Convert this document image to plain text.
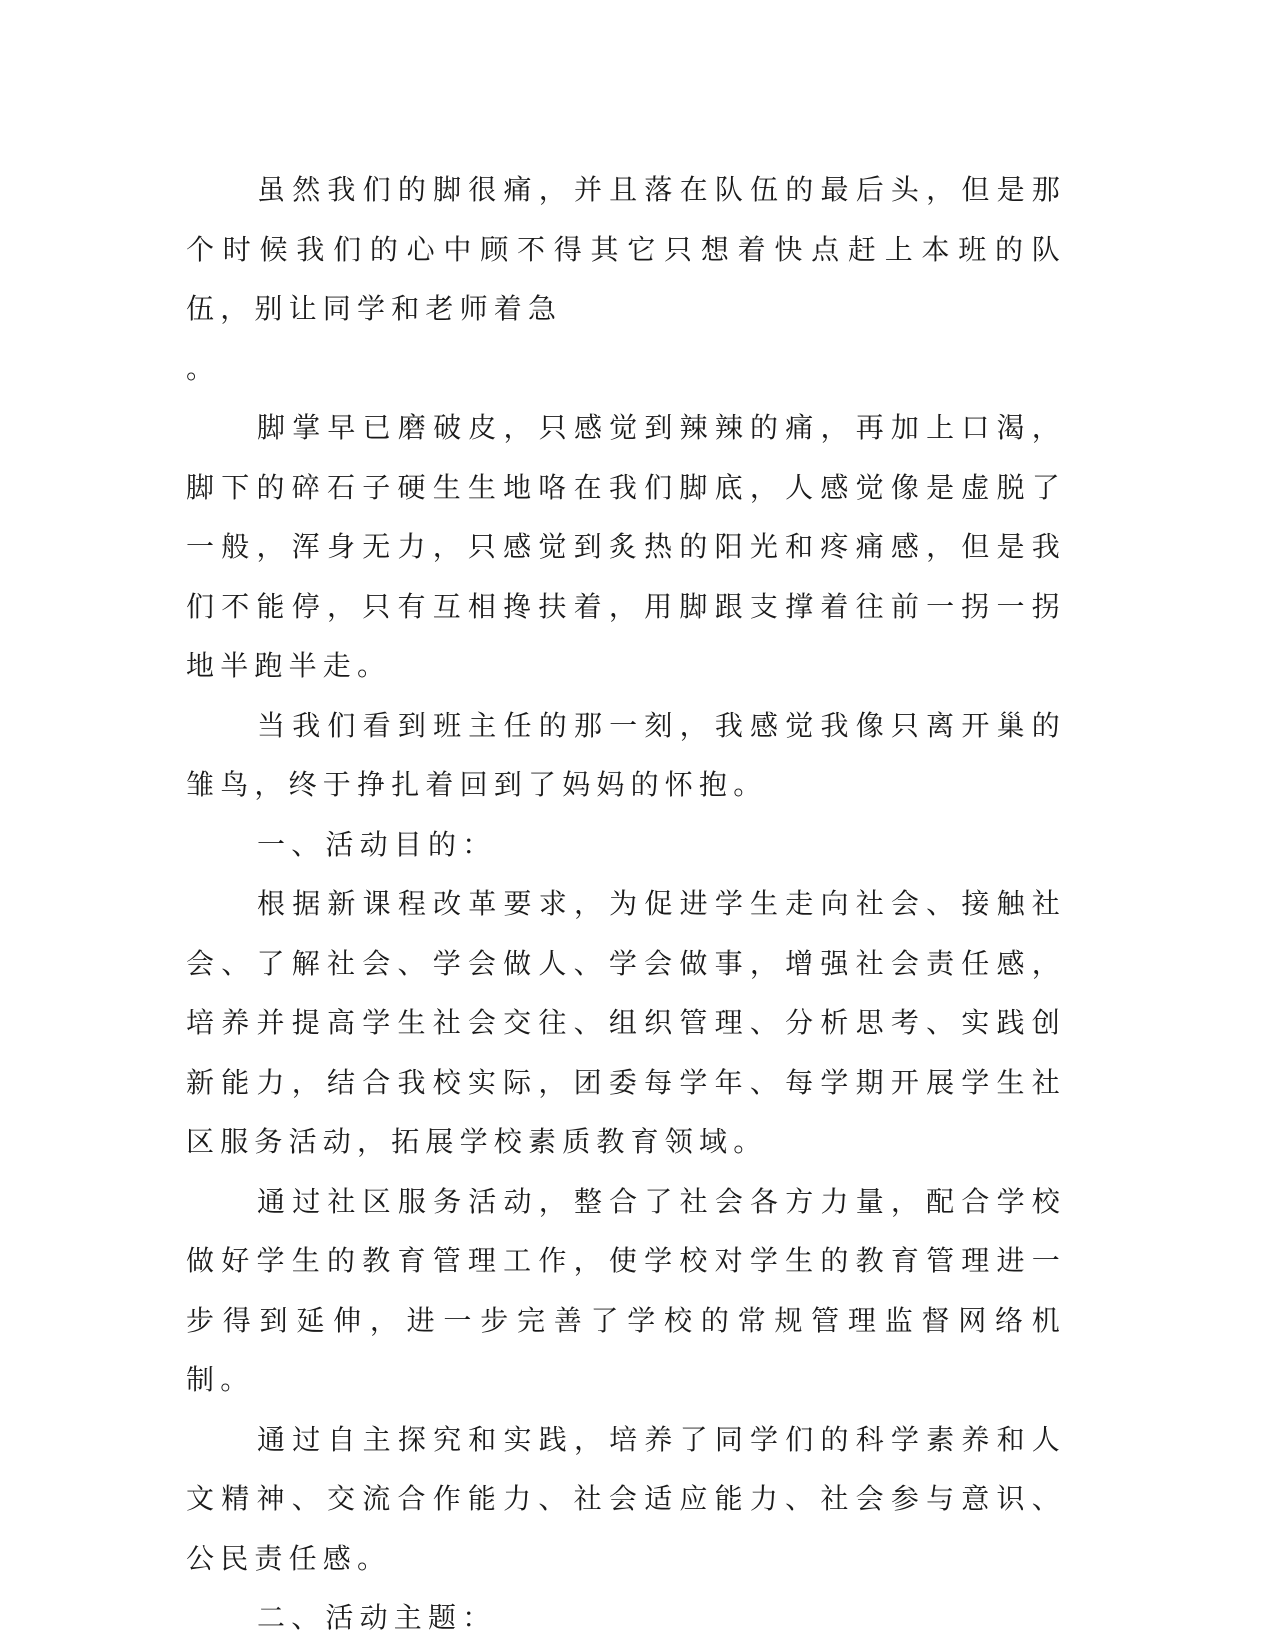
虽然我们的脚很痛，并且落在队伍的最后头，但是那个时候我们的心中顾不得其它只想着快点赶上本班的队伍，别让同学和老师着急

。

脚掌早已磨破皮，只感觉到辣辣的痛，再加上口渴，脚下的碎石子硬生生地咯在我们脚底，人感觉像是虚脱了一般，浑身无力，只感觉到炙热的阳光和疼痛感，但是我们不能停，只有互相搀扶着，用脚跟支撑着往前一拐一拐地半跑半走。

当我们看到班主任的那一刻，我感觉我像只离开巢的雏鸟，终于挣扎着回到了妈妈的怀抱。

一、活动目的：

根据新课程改革要求，为促进学生走向社会、接触社会、了解社会、学会做人、学会做事，增强社会责任感，培养并提高学生社会交往、组织管理、分析思考、实践创新能力，结合我校实际，团委每学年、每学期开展学生社区服务活动，拓展学校素质教育领域。

通过社区服务活动，整合了社会各方力量，配合学校做好学生的教育管理工作，使学校对学生的教育管理进一步得到延伸，进一步完善了学校的常规管理监督网络机制。

通过自主探究和实践，培养了同学们的科学素养和人文精神、交流合作能力、社会适应能力、社会参与意识、公民责任感。

二、活动主题：
